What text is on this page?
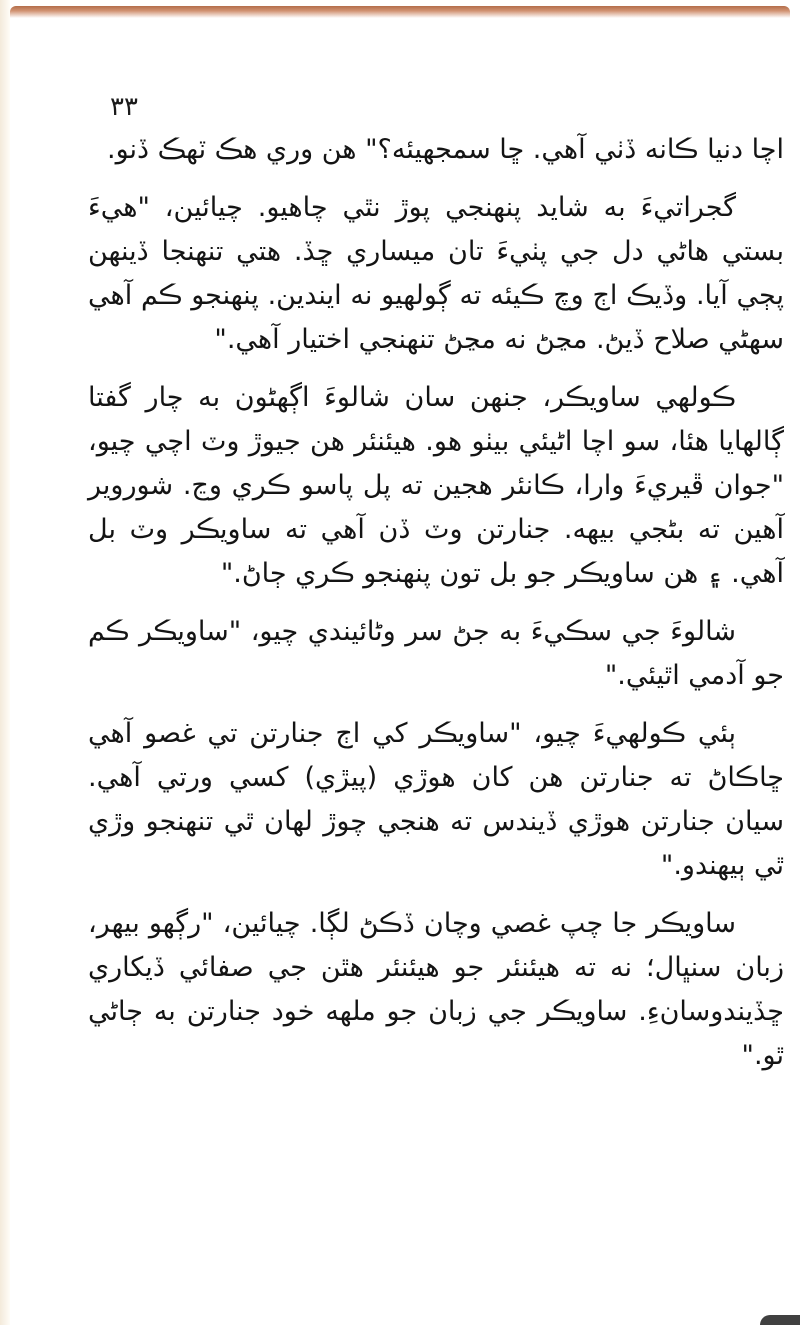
٣٣

اچا دنيا ڪانه ڏٺي آهي. ڇا سمجهيئه؟" هن وري هڪ ٽهڪ ڏنو.

گجراتيءَ به شايد پنهنجي پوڙ نٿي چاهيو. چيائين، "هيءَ بستي هاڻي دل جي پٺيءَ تان ميساري ڇڏ. هتي تنهنجا ڏينهن پڄي آيا. وڏيڪ اڄ وچ ڪيئه ته ڳولهيو نه ايندين. پنهنجو ڪم آهي سهڻي صلاح ڏيڻ. مڃڻ نه مڃڻ تنهنجي اختيار آهي."

ڪولهي ساويڪر، جنهن سان شالوءَ اڳهڻون به چار گفتا ڳالهايا هئا، سو اچا اڻيئي بيٺو هو. هيئنئر هن جيوڙ وٽ اچي چيو، "جوان ڦيريءَ وارا، ڪانئر هجين ته پل پاسو ڪري وڃ. شوروير آهين ته بڻجي بيهه. جنارتن وٽ ڏن آهي ته ساويڪر وٽ بل آهي. ۽ هن ساويڪر جو بل تون پنهنجو ڪري ڄاڻ."

شالوءَ جي سڪيءَ به جڻ سر وڻائيندي چيو، "ساويڪر ڪم جو آدمي اٿيئي."

ٻئي ڪولهيءَ چيو، "ساويڪر کي اڄ جنارتن تي غصو آهي ڇاڪاڻ ته جنارتن هن کان هوڙي (پيڙي) کسي ورتي آهي. سيان جنارتن هوڙي ڏيندس ته هنجي چوڙ لهان ٿي تنهنجو وڙي ٿي ٻيهندو."

ساويڪر جا چپ غصي وچان ڏڪڻ لڳا. چيائين، "رڳهو بيهر، زبان سنڀال؛ نه ته هيئنئر جو هيئنئر هٿن جي صفائي ڏيکاري ڇڏيندوسانءِ. ساويڪر جي زبان جو ملهه خود جنارتن به ڄاڻي ٿو."
